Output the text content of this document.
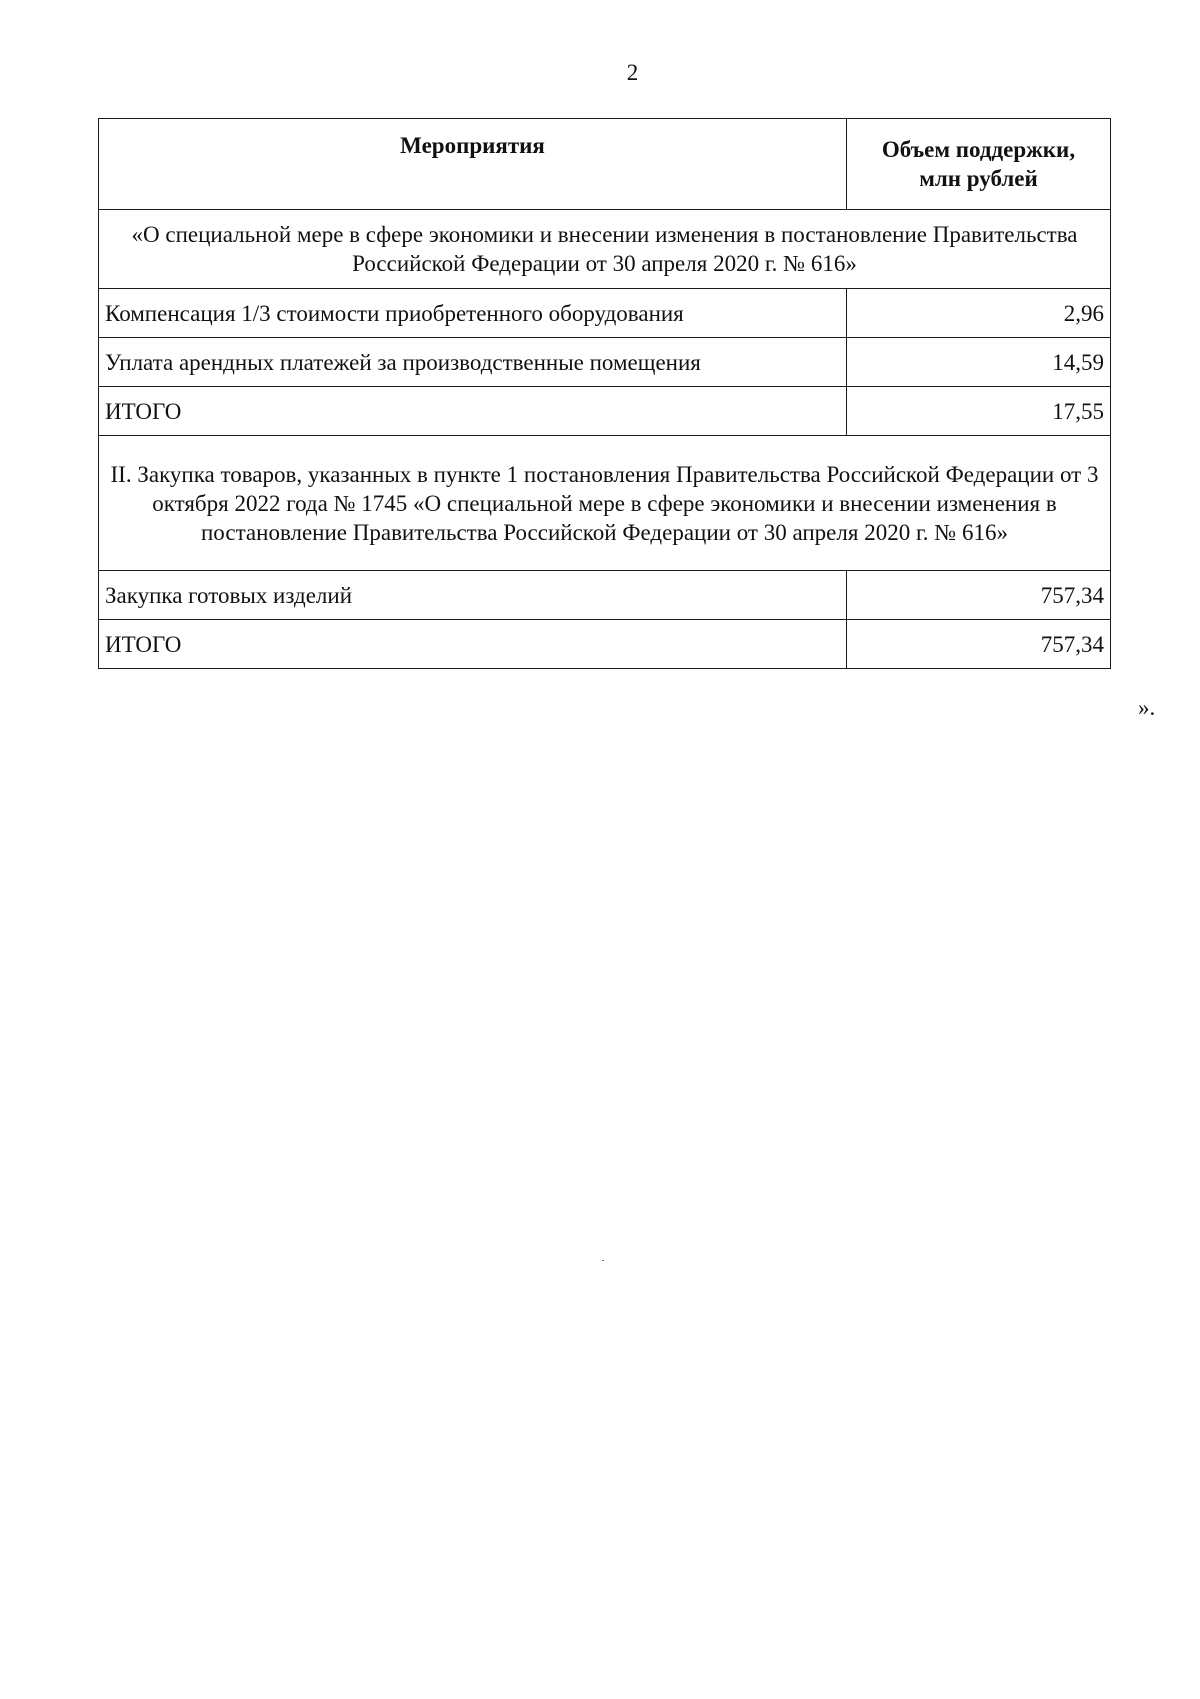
2
Мероприятия	Объем поддержки,
млн рублей
«О специальной мере в сфере экономики и внесении изменения в постановление Правительства Российской Федерации от 30 апреля 2020 г. № 616»	
Компенсация 1/3 стоимости приобретенного оборудования	2,96
Уплата арендных платежей за производственные помещения	14,59
ИТОГО	17,55
II. Закупка товаров, указанных в пункте 1 постановления Правительства Российской Федерации от 3 октября 2022 года № 1745 «О специальной мере в сфере экономики и внесении изменения в постановление Правительства Российской Федерации от 30 апреля 2020 г. № 616»	
Закупка готовых изделий	757,34
ИТОГО	757,34
».
